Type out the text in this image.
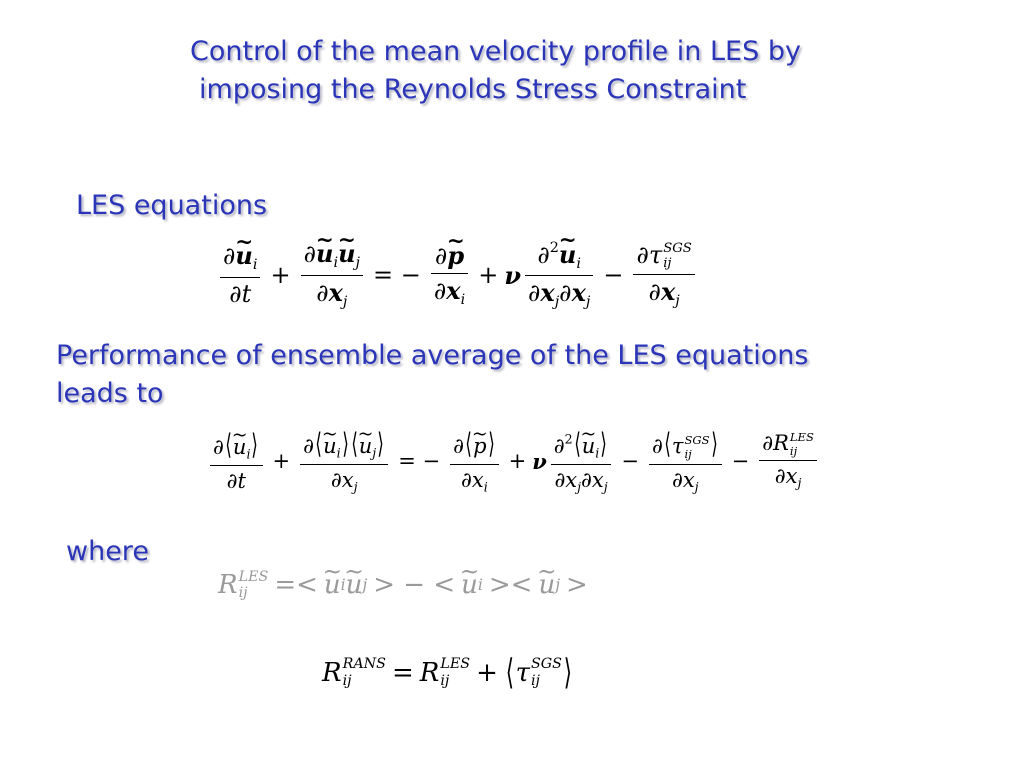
Control of the mean velocity profile in LES by
imposing the Reynolds Stress Constraint
LES equations
$\frac{\partial\sim u_i}{\partial t} + \frac{\partial\sim u_i\sim u_j}{\partial x_j}$ = − $\frac{\partial\sim p}{\partial x_i} + \nu \frac{\partial^2\sim u_i}{\partial x_j\partial x_j} - \partial\tau$ SGS
ij
$\partial x_j$
Performance of ensemble average of the LES equations
leads to
$\frac{\partial⟨\sim u_i⟩}{\partial t} + \frac{\partial⟨\sim u_i⟩⟨\sim u_j⟩}{\partial x_j}$ = − $\frac{\partial⟨\sim p⟩}{\partial x_i} + \nu \frac{\partial^2⟨\sim u_i⟩}{\partial x_j\partial x_j}$ − ∂⟨τ SGS
ij ⟩
$\partial x_j - \partial R$ LES
ij
$\partial x_j$
where
R LES
ij	=< ~ u i ~ u j > − < ~ u i >< ~ u j >
R RANS
ij	= R LES
ij	+ ⟨ τ SGS
ij ⟩
